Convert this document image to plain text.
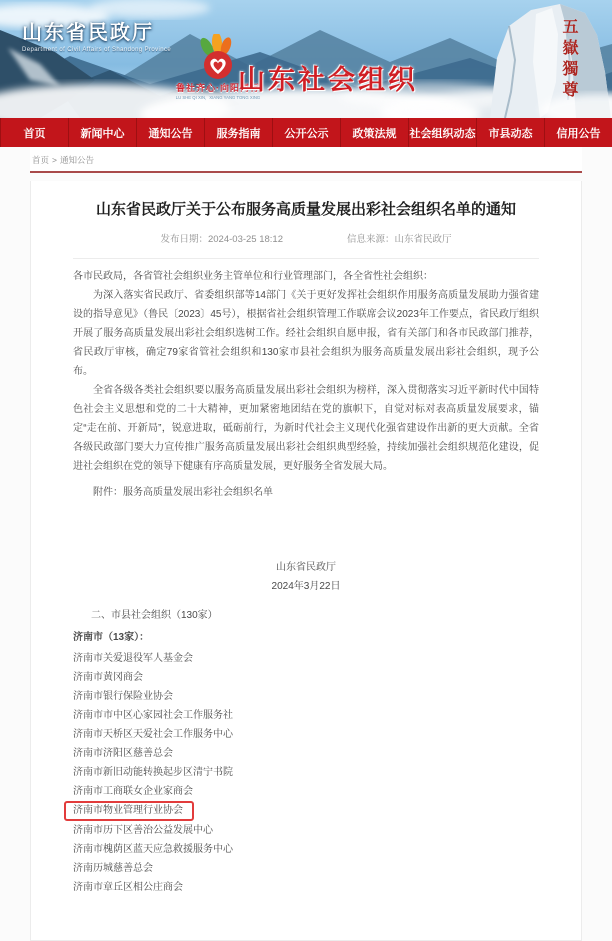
山东省民政厅
Department of Civil Affairs of Shandong Province
鲁社齐心·向阳同行
LU SHE QI XIN，XIANG YANG TONG XING
山东社会组织	五嶽獨尊
首页	新闻中心	通知公告	服务指南	公开公示	政策法规	社会组织动态	市县动态	信用公告
首页 > 通知公告
山东省民政厅关于公布服务高质量发展出彩社会组织名单的通知
发布日期：2024-03-25 18:12	信息来源：山东省民政厅

各市民政局，各省管社会组织业务主管单位和行业管理部门，各全省性社会组织：

为深入落实省民政厅、省委组织部等14部门《关于更好发挥社会组织作用服务高质量发展助力强省建设的指导意见》（鲁民〔2023〕45号），根据省社会组织管理工作联席会议2023年工作要点，省民政厅组织开展了服务高质量发展出彩社会组织选树工作。经社会组织自愿申报，省有关部门和各市民政部门推荐，省民政厅审核，确定79家省管社会组织和130家市县社会组织为服务高质量发展出彩社会组织，现予公布。

全省各级各类社会组织要以服务高质量发展出彩社会组织为榜样，深入贯彻落实习近平新时代中国特色社会主义思想和党的二十大精神，更加紧密地团结在党的旗帜下，自觉对标对表高质量发展要求，锚定“走在前、开新局”，锐意进取，砥砺前行，为新时代社会主义现代化强省建设作出新的更大贡献。全省各级民政部门要大力宣传推广服务高质量发展出彩社会组织典型经验，持续加强社会组织规范化建设，促进社会组织在党的领导下健康有序高质量发展，更好服务全省发展大局。

附件：服务高质量发展出彩社会组织名单

山东省民政厅

2024年3月22日

二、市县社会组织（130家）

济南市（13家）：

济南市关爱退役军人基金会
济南市黄冈商会
济南市银行保险业协会
济南市市中区心家园社会工作服务社
济南市天桥区天爱社会工作服务中心
济南市济阳区慈善总会
济南市新旧动能转换起步区清宁书院
济南市工商联女企业家商会
济南市物业管理行业协会
济南市历下区善治公益发展中心
济南市槐荫区蓝天应急救援服务中心
济南历城慈善总会
济南市章丘区相公庄商会
